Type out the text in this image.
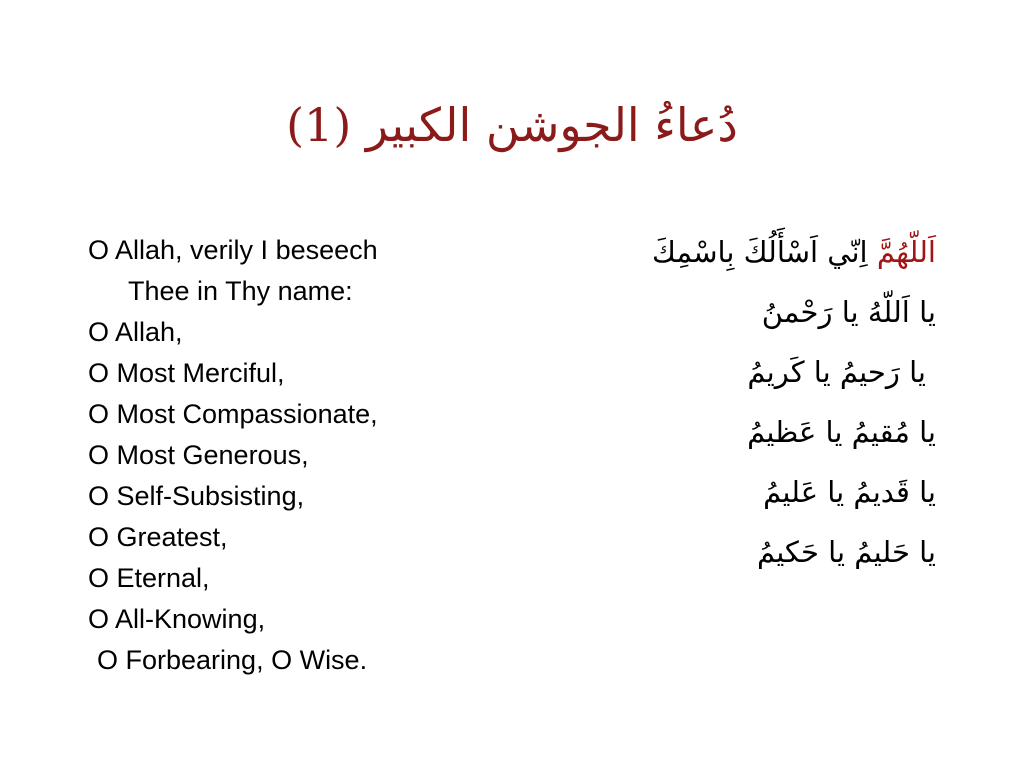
(1) دُعاءُ الجوشن الكبير
O Allah, verily I beseech
Thee in Thy name:
O Allah,
O Most Merciful,
O Most Compassionate,
O Most Generous,
O Self-Subsisting,
O Greatest,
O Eternal,
O All-Knowing,
O Forbearing, O Wise.
اَللّهُمَّ اِنّي اَسْأَلُكَ بِاسْمِكَ
يا اَللّهُ يا رَحْمنُ
يا رَحيمُ يا كَريمُ
يا مُقيمُ يا عَظيمُ
يا قَديمُ يا عَليمُ
يا حَليمُ يا حَكيمُ
